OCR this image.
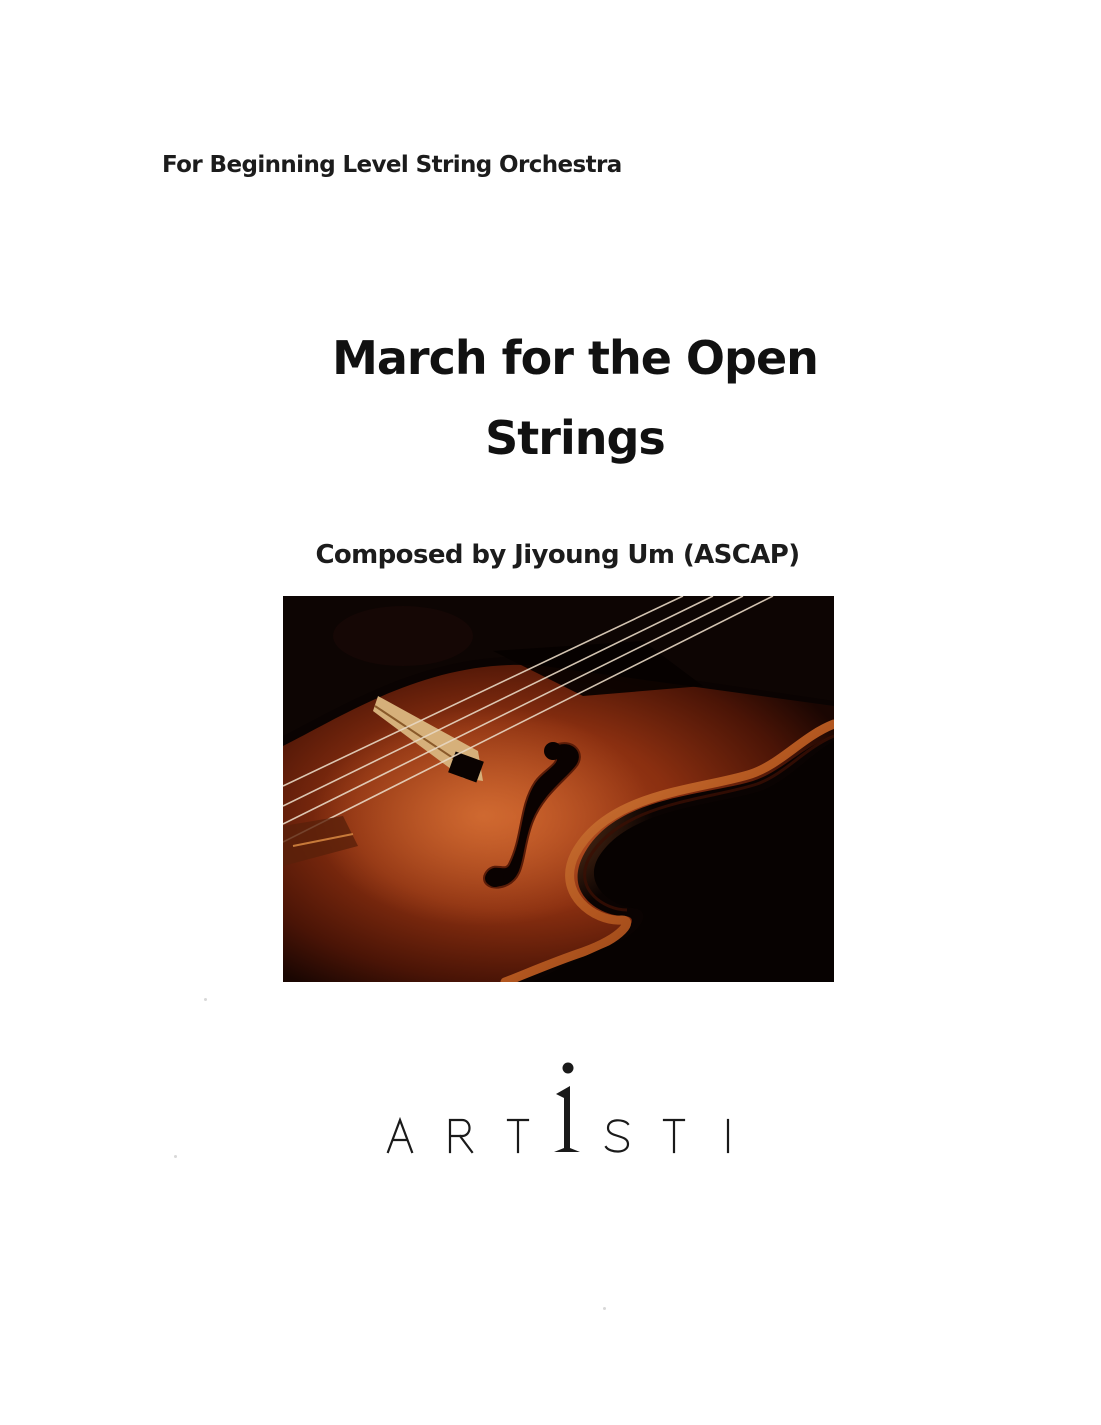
For Beginning Level String Orchestra
March for the Open
Strings
Composed by Jiyoung Um (ASCAP)
